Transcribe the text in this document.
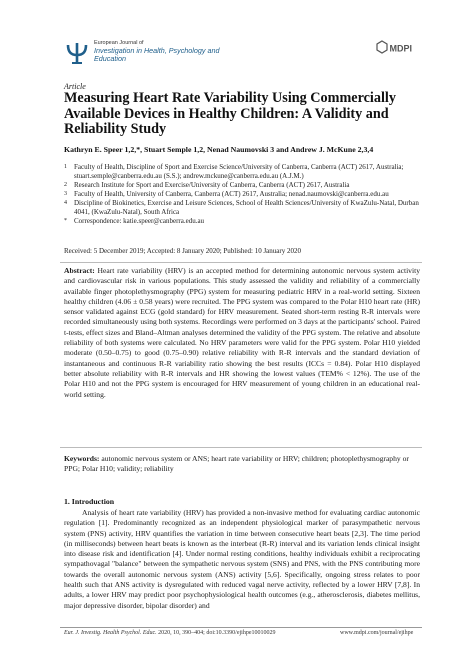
European Journal of
Investigation in Health, Psychology and Education
MDPI
Article
Measuring Heart Rate Variability Using Commercially Available Devices in Healthy Children: A Validity and Reliability Study
Kathryn E. Speer 1,2,*, Stuart Semple 1,2, Nenad Naumovski 3 and Andrew J. McKune 2,3,4
1 Faculty of Health, Discipline of Sport and Exercise Science/University of Canberra, Canberra (ACT) 2617, Australia; stuart.semple@canberra.edu.au (S.S.); andrew.mckune@canberra.edu.au (A.J.M.)
2 Research Institute for Sport and Exercise/University of Canberra, Canberra (ACT) 2617, Australia
3 Faculty of Health, University of Canberra, Canberra (ACT) 2617, Australia; nenad.naumovski@canberra.edu.au
4 Discipline of Biokinetics, Exercise and Leisure Sciences, School of Health Sciences/University of KwaZulu-Natal, Durban 4041, (KwaZulu-Natal), South Africa
* Correspondence: katie.speer@canberra.edu.au
Received: 5 December 2019; Accepted: 8 January 2020; Published: 10 January 2020
Abstract: Heart rate variability (HRV) is an accepted method for determining autonomic nervous system activity and cardiovascular risk in various populations. This study assessed the validity and reliability of a commercially available finger photoplethysmography (PPG) system for measuring pediatric HRV in a real-world setting. Sixteen healthy children (4.06 ± 0.58 years) were recruited. The PPG system was compared to the Polar H10 heart rate (HR) sensor validated against ECG (gold standard) for HRV measurement. Seated short-term resting R-R intervals were recorded simultaneously using both systems. Recordings were performed on 3 days at the participants' school. Paired t-tests, effect sizes and Bland–Altman analyses determined the validity of the PPG system. The relative and absolute reliability of both systems were calculated. No HRV parameters were valid for the PPG system. Polar H10 yielded moderate (0.50–0.75) to good (0.75–0.90) relative reliability with R-R intervals and the standard deviation of instantaneous and continuous R-R variability ratio showing the best results (ICCs = 0.84). Polar H10 displayed better absolute reliability with R-R intervals and HR showing the lowest values (TEM% < 12%). The use of the Polar H10 and not the PPG system is encouraged for HRV measurement of young children in an educational real-world setting.
Keywords: autonomic nervous system or ANS; heart rate variability or HRV; children; photoplethysmography or PPG; Polar H10; validity; reliability
1. Introduction
Analysis of heart rate variability (HRV) has provided a non-invasive method for evaluating cardiac autonomic regulation [1]. Predominantly recognized as an independent physiological marker of parasympathetic nervous system (PNS) activity, HRV quantifies the variation in time between consecutive heart beats [2,3]. The time period (in milliseconds) between heart beats is known as the interbeat (R-R) interval and its variation lends clinical insight into disease risk and identification [4]. Under normal resting conditions, healthy individuals exhibit a reciprocating sympathovagal "balance" between the sympathetic nervous system (SNS) and PNS, with the PNS contributing more towards the overall autonomic nervous system (ANS) activity [5,6]. Specifically, ongoing stress relates to poor health such that ANS activity is dysregulated with reduced vagal nerve activity, reflected by a lower HRV [7,8]. In adults, a lower HRV may predict poor psychophysiological health outcomes (e.g., atherosclerosis, diabetes mellitus, major depressive disorder, bipolar disorder) and
Eur. J. Investig. Health Psychol. Educ. 2020, 10, 390–404; doi:10.3390/ejihpe10010029	www.mdpi.com/journal/ejihpe
